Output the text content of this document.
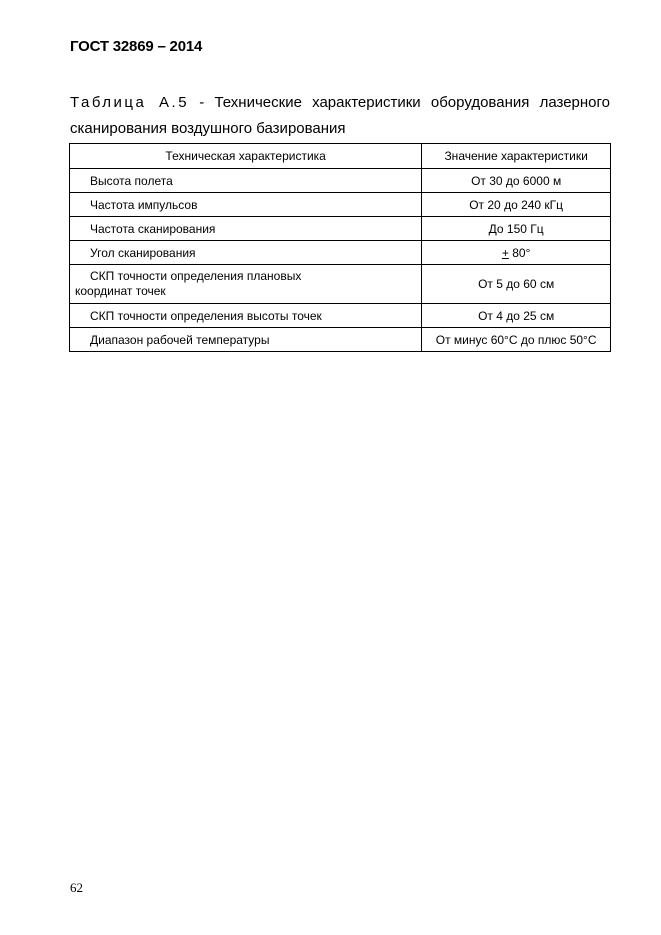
ГОСТ 32869 – 2014
Таблица А.5 - Технические характеристики оборудования лазерного
сканирования воздушного базирования
Техническая характеристика	Значение характеристики
Высота полета	От 30 до 6000 м
Частота импульсов	От 20 до 240 кГц
Частота сканирования	До 150 Гц
Угол сканирования	+ 80°
СКП точности определения плановых
координат точек	От 5 до 60 см
СКП точности определения высоты точек	От 4 до 25 см
Диапазон рабочей температуры	От минус 60°С до плюс 50°С
62
